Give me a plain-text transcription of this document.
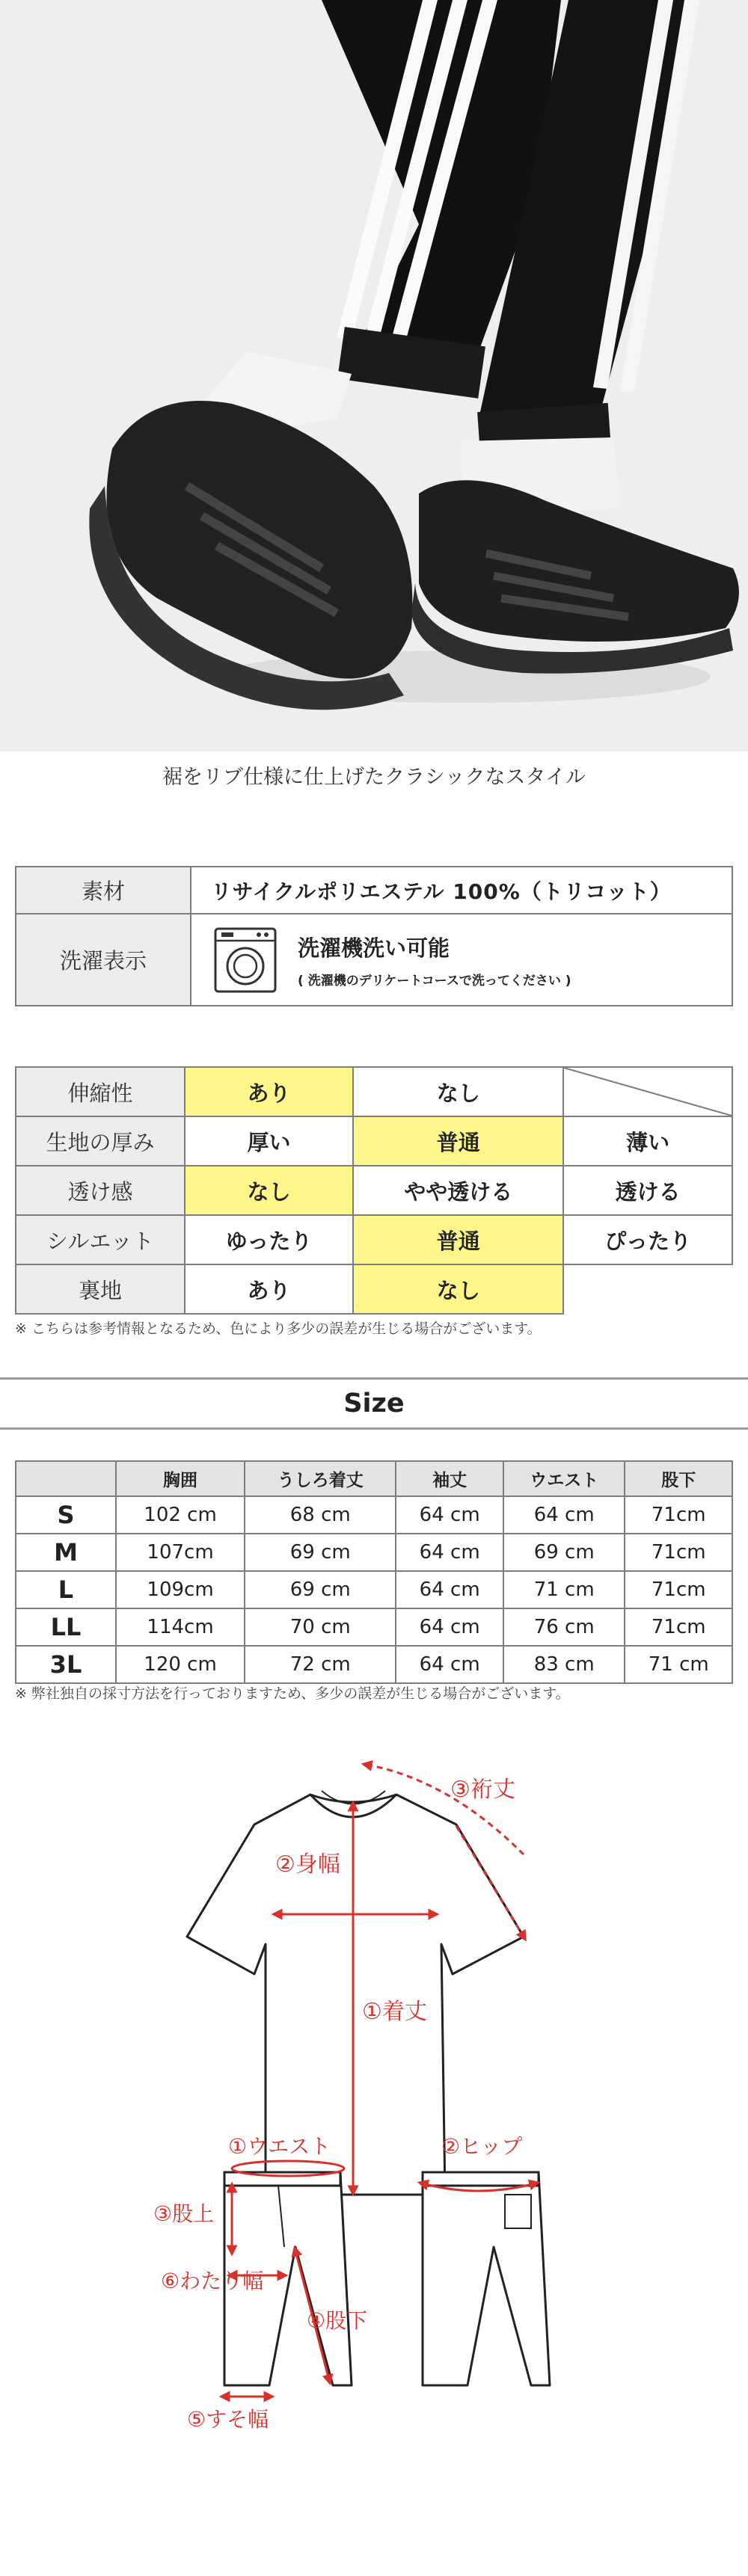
裾をリブ仕様に仕上げたクラシックなスタイル
素材	リサイクルポリエステル 100%（トリコット）
洗濯表示	洗濯機洗い可能
( 洗濯機のデリケートコースで洗ってください )
伸縮性	あり	なし	
生地の厚み	厚い	普通	薄い
透け感	なし	やや透ける	透ける
シルエット	ゆったり	普通	ぴったり
裏地	あり	なし	
※ こちらは参考情報となるため、色により多少の誤差が生じる場合がございます。
Size
	胸囲	うしろ着丈	袖丈	ウエスト	股下
S	102 cm	68 cm	64 cm	64 cm	71cm
M	107cm	69 cm	64 cm	69 cm	71cm
L	109cm	69 cm	64 cm	71 cm	71cm
LL	114cm	70 cm	64 cm	76 cm	71cm
3L	120 cm	72 cm	64 cm	83 cm	71 cm
※ 弊社独自の採寸方法を行っておりますため、多少の誤差が生じる場合がございます。
③裄丈
②身幅
①着丈
①ウエスト
③股上
⑥わたり幅
④股下
⑤すそ幅
②ヒップ
